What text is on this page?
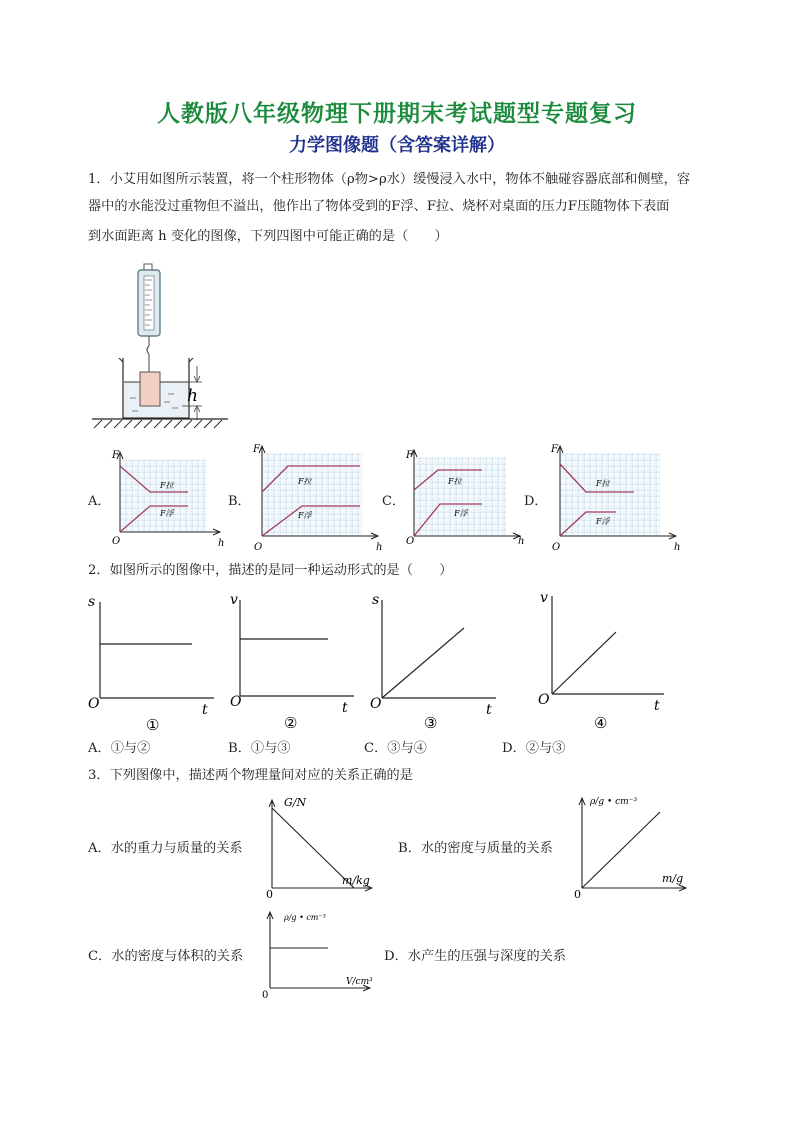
人教版八年级物理下册期末考试题型专题复习
力学图像题（含答案详解）
1．小艾用如图所示装置，将一个柱形物体（ρ物>ρ水）缓慢浸入水中，物体不触碰容器底部和侧壁，容
器中的水能没过重物但不溢出，他作出了物体受到的F浮、F拉、烧杯对桌面的压力F压随物体下表面
到水面距离 h 变化的图像，下列四图中可能正确的是（　　）
h
A．	B．	C．	D．
F
h
O
F拉
F浮
F
h
O
F拉
F浮
F
h
O
F拉
F浮
F
h
O
F拉
F浮
2．如图所示的图像中，描述的是同一种运动形式的是（　　）
s
t
O
①
v
t
O
②
s
t
O
③
v
t
O
④
A．①与②	B．①与③	C．③与④	D．②与③
3．下列图像中，描述两个物理量间对应的关系正确的是
A．水的重力与质量的关系
G/N
m/kg
0
B．水的密度与质量的关系
ρ/g • cm⁻³
m/g
0
C．水的密度与体积的关系
ρ/g • cm⁻³
V/cm³
0
D．水产生的压强与深度的关系
